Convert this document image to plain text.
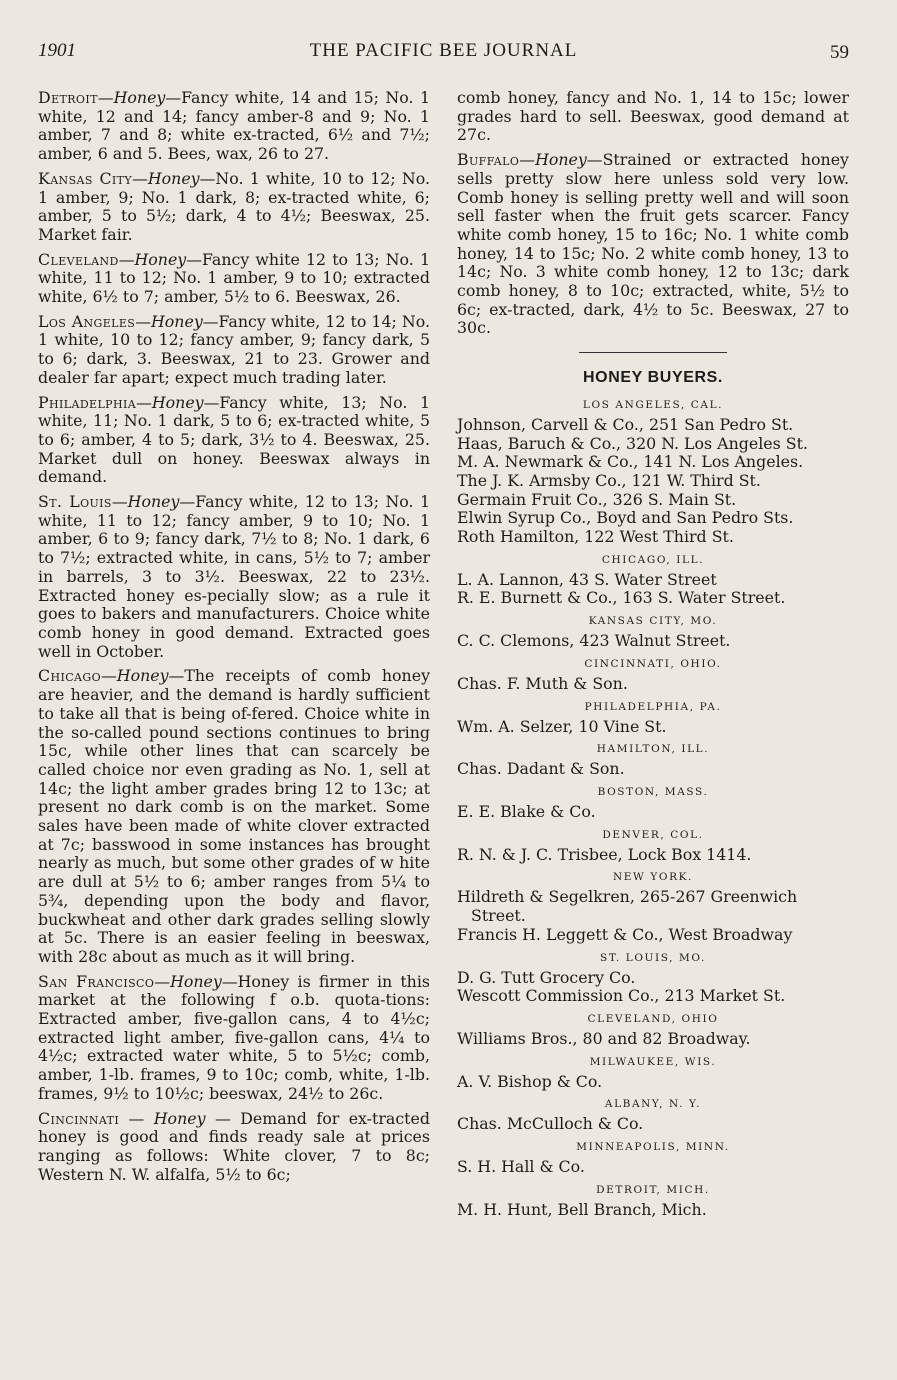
1901	THE PACIFIC BEE JOURNAL	59

Detroit—Honey—Fancy white, 14 and 15; No. 1 white, 12 and 14; fancy amber-8 and 9; No. 1 amber, 7 and 8; white ex-tracted, 6½ and 7½; amber, 6 and 5. Bees, wax, 26 to 27.

Kansas City—Honey—No. 1 white, 10 to 12; No. 1 amber, 9; No. 1 dark, 8; ex-tracted white, 6; amber, 5 to 5½; dark, 4 to 4½; Beeswax, 25. Market fair.

Cleveland—Honey—Fancy white 12 to 13; No. 1 white, 11 to 12; No. 1 amber, 9 to 10; extracted white, 6½ to 7; amber, 5½ to 6. Beeswax, 26.

Los Angeles—Honey—Fancy white, 12 to 14; No. 1 white, 10 to 12; fancy amber, 9; fancy dark, 5 to 6; dark, 3. Beeswax, 21 to 23. Grower and dealer far apart; expect much trading later.

Philadelphia—Honey—Fancy white, 13; No. 1 white, 11; No. 1 dark, 5 to 6; ex-tracted white, 5 to 6; amber, 4 to 5; dark, 3½ to 4. Beeswax, 25. Market dull on honey. Beeswax always in demand.

St. Louis—Honey—Fancy white, 12 to 13; No. 1 white, 11 to 12; fancy amber, 9 to 10; No. 1 amber, 6 to 9; fancy dark, 7½ to 8; No. 1 dark, 6 to 7½; extracted white, in cans, 5½ to 7; amber in barrels, 3 to 3½. Beeswax, 22 to 23½. Extracted honey es-pecially slow; as a rule it goes to bakers and manufacturers. Choice white comb honey in good demand. Extracted goes well in October.

Chicago—Honey—The receipts of comb honey are heavier, and the demand is hardly sufficient to take all that is being of-fered. Choice white in the so-called pound sections continues to bring 15c, while other lines that can scarcely be called choice nor even grading as No. 1, sell at 14c; the light amber grades bring 12 to 13c; at present no dark comb is on the market. Some sales have been made of white clover extracted at 7c; basswood in some instances has brought nearly as much, but some other grades of w hite are dull at 5½ to 6; amber ranges from 5¼ to 5¾, depending upon the body and flavor, buckwheat and other dark grades selling slowly at 5c. There is an easier feeling in beeswax, with 28c about as much as it will bring.

San Francisco—Honey—Honey is firmer in this market at the following f o.b. quota-tions: Extracted amber, five-gallon cans, 4 to 4½c; extracted light amber, five-gallon cans, 4¼ to 4½c; extracted water white, 5 to 5½c; comb, amber, 1-lb. frames, 9 to 10c; comb, white, 1-lb. frames, 9½ to 10½c; beeswax, 24½ to 26c.

Cincinnati — Honey — Demand for ex-tracted honey is good and finds ready sale at prices ranging as follows: White clover, 7 to 8c; Western N. W. alfalfa, 5½ to 6c;

comb honey, fancy and No. 1, 14 to 15c; lower grades hard to sell. Beeswax, good demand at 27c.

Buffalo—Honey—Strained or extracted honey sells pretty slow here unless sold very low. Comb honey is selling pretty well and will soon sell faster when the fruit gets scarcer. Fancy white comb honey, 15 to 16c; No. 1 white comb honey, 14 to 15c; No. 2 white comb honey, 13 to 14c; No. 3 white comb honey, 12 to 13c; dark comb honey, 8 to 10c; extracted, white, 5½ to 6c; ex-tracted, dark, 4½ to 5c. Beeswax, 27 to 30c.

HONEY BUYERS.
LOS ANGELES, CAL.
Johnson, Carvell & Co., 251 San Pedro St.
Haas, Baruch & Co., 320 N. Los Angeles St.
M. A. Newmark & Co., 141 N. Los Angeles.
The J. K. Armsby Co., 121 W. Third St.
Germain Fruit Co., 326 S. Main St.
Elwin Syrup Co., Boyd and San Pedro Sts.
Roth Hamilton, 122 West Third St.
CHICAGO, ILL.
L. A. Lannon, 43 S. Water Street
R. E. Burnett & Co., 163 S. Water Street.
KANSAS CITY, MO.
C. C. Clemons, 423 Walnut Street.
CINCINNATI, OHIO.
Chas. F. Muth & Son.
PHILADELPHIA, PA.
Wm. A. Selzer, 10 Vine St.
HAMILTON, ILL.
Chas. Dadant & Son.
BOSTON, MASS.
E. E. Blake & Co.
DENVER, COL.
R. N. & J. C. Trisbee, Lock Box 1414.
NEW YORK.
Hildreth & Segelkren, 265-267 Greenwich Street.
Francis H. Leggett & Co., West Broadway
ST. LOUIS, MO.
D. G. Tutt Grocery Co.
Wescott Commission Co., 213 Market St.
CLEVELAND, OHIO
Williams Bros., 80 and 82 Broadway.
MILWAUKEE, WIS.
A. V. Bishop & Co.
ALBANY, N. Y.
Chas. McCulloch & Co.
MINNEAPOLIS, MINN.
S. H. Hall & Co.
DETROIT, MICH.
M. H. Hunt, Bell Branch, Mich.
